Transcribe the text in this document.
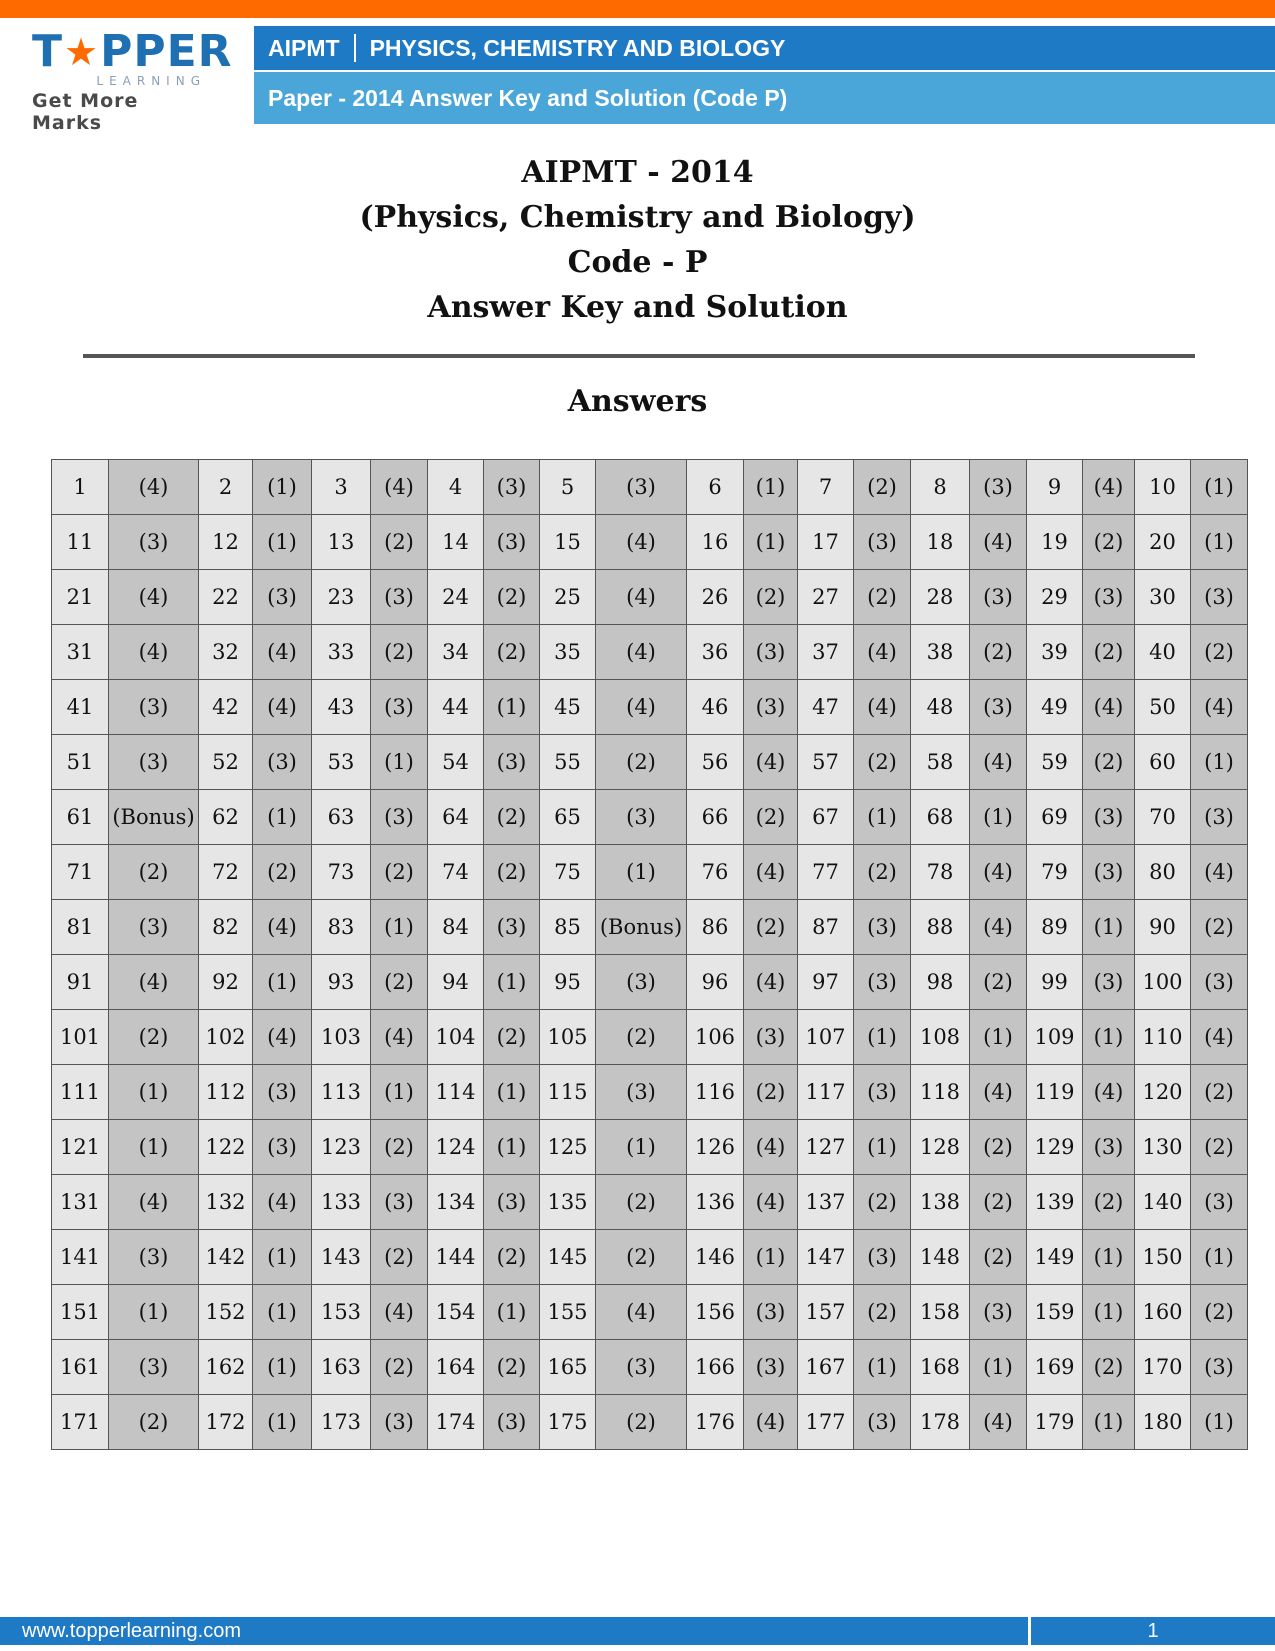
T ★ PPER
LEARNING
Get More Marks
AIPMT PHYSICS, CHEMISTRY AND BIOLOGY
Paper - 2014 Answer Key and Solution (Code P)
AIPMT - 2014
(Physics, Chemistry and Biology)
Code - P
Answer Key and Solution
Answers
1	(4)	2	(1)	3	(4)	4	(3)	5	(3)	6	(1)	7	(2)	8	(3)	9	(4)	10	(1)
11	(3)	12	(1)	13	(2)	14	(3)	15	(4)	16	(1)	17	(3)	18	(4)	19	(2)	20	(1)
21	(4)	22	(3)	23	(3)	24	(2)	25	(4)	26	(2)	27	(2)	28	(3)	29	(3)	30	(3)
31	(4)	32	(4)	33	(2)	34	(2)	35	(4)	36	(3)	37	(4)	38	(2)	39	(2)	40	(2)
41	(3)	42	(4)	43	(3)	44	(1)	45	(4)	46	(3)	47	(4)	48	(3)	49	(4)	50	(4)
51	(3)	52	(3)	53	(1)	54	(3)	55	(2)	56	(4)	57	(2)	58	(4)	59	(2)	60	(1)
61	(Bonus)	62	(1)	63	(3)	64	(2)	65	(3)	66	(2)	67	(1)	68	(1)	69	(3)	70	(3)
71	(2)	72	(2)	73	(2)	74	(2)	75	(1)	76	(4)	77	(2)	78	(4)	79	(3)	80	(4)
81	(3)	82	(4)	83	(1)	84	(3)	85	(Bonus)	86	(2)	87	(3)	88	(4)	89	(1)	90	(2)
91	(4)	92	(1)	93	(2)	94	(1)	95	(3)	96	(4)	97	(3)	98	(2)	99	(3)	100	(3)
101	(2)	102	(4)	103	(4)	104	(2)	105	(2)	106	(3)	107	(1)	108	(1)	109	(1)	110	(4)
111	(1)	112	(3)	113	(1)	114	(1)	115	(3)	116	(2)	117	(3)	118	(4)	119	(4)	120	(2)
121	(1)	122	(3)	123	(2)	124	(1)	125	(1)	126	(4)	127	(1)	128	(2)	129	(3)	130	(2)
131	(4)	132	(4)	133	(3)	134	(3)	135	(2)	136	(4)	137	(2)	138	(2)	139	(2)	140	(3)
141	(3)	142	(1)	143	(2)	144	(2)	145	(2)	146	(1)	147	(3)	148	(2)	149	(1)	150	(1)
151	(1)	152	(1)	153	(4)	154	(1)	155	(4)	156	(3)	157	(2)	158	(3)	159	(1)	160	(2)
161	(3)	162	(1)	163	(2)	164	(2)	165	(3)	166	(3)	167	(1)	168	(1)	169	(2)	170	(3)
171	(2)	172	(1)	173	(3)	174	(3)	175	(2)	176	(4)	177	(3)	178	(4)	179	(1)	180	(1)
www.topperlearning.com	1
